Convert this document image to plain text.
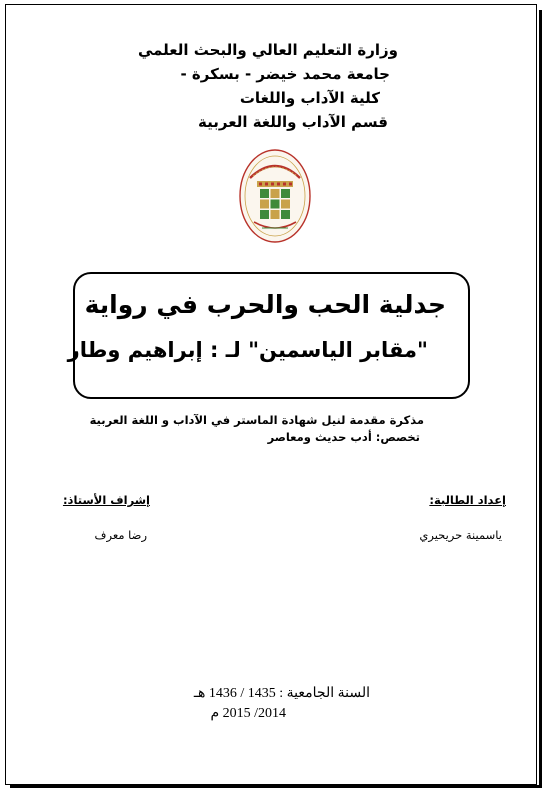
وزارة التعليم العالي والبحث العلمي
جامعة محمد خيضر - بسكرة -
كلية الآداب واللغات
قسم الآداب واللغة العربية
جدلية الحب والحرب في رواية
"مقابر الياسمين" لـ : إبراهيم وطار
مذكرة مقدمة لنيل شهادة الماستر في الآداب و اللغة العربية
تخصص: أدب حديث ومعاصر
إعداد الطالبة:
إشراف الأستاذ:
ياسمينة حريحيري
رضا معرف
السنة الجامعية : 1435 / 1436 هـ
2014/ 2015 م
